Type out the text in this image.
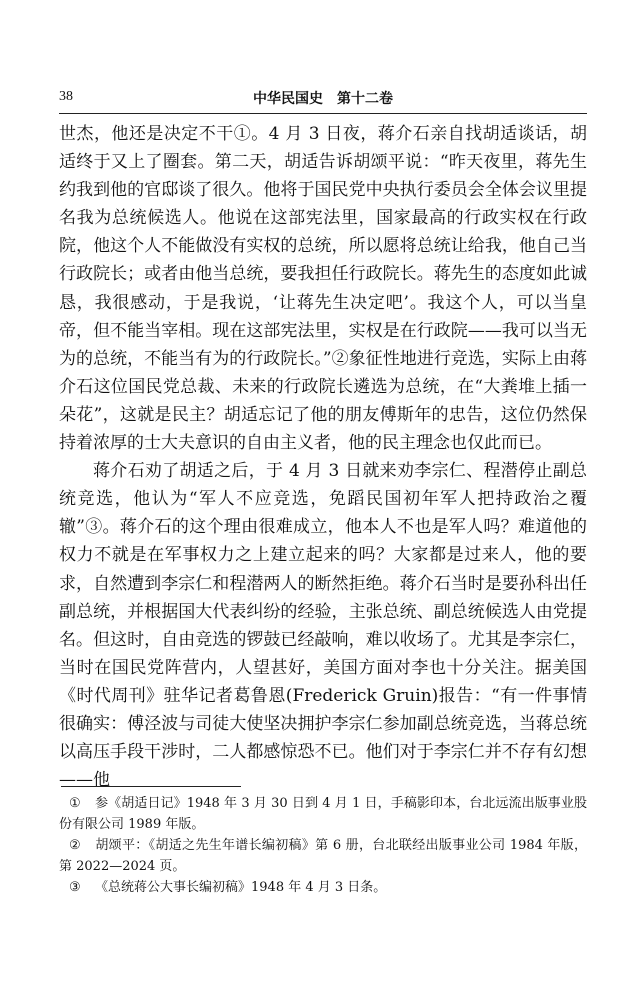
38	中华民国史　第十二卷

世杰，他还是决定不干①。4 月 3 日夜，蒋介石亲自找胡适谈话，胡适终于又上了圈套。第二天，胡适告诉胡颂平说：“昨天夜里，蒋先生约我到他的官邸谈了很久。他将于国民党中央执行委员会全体会议里提名我为总统候选人。他说在这部宪法里，国家最高的行政实权在行政院，他这个人不能做没有实权的总统，所以愿将总统让给我，他自己当行政院长；或者由他当总统，要我担任行政院长。蒋先生的态度如此诚恳，我很感动，于是我说，‘让蒋先生决定吧’。我这个人，可以当皇帝，但不能当宰相。现在这部宪法里，实权是在行政院——我可以当无为的总统，不能当有为的行政院长。”②象征性地进行竞选，实际上由蒋介石这位国民党总裁、未来的行政院长遴选为总统，在“大粪堆上插一朵花”，这就是民主？胡适忘记了他的朋友傅斯年的忠告，这位仍然保持着浓厚的士大夫意识的自由主义者，他的民主理念也仅此而已。

蒋介石劝了胡适之后，于 4 月 3 日就来劝李宗仁、程潜停止副总统竞选，他认为“军人不应竞选，免蹈民国初年军人把持政治之覆辙”③。蒋介石的这个理由很难成立，他本人不也是军人吗？难道他的权力不就是在军事权力之上建立起来的吗？大家都是过来人，他的要求，自然遭到李宗仁和程潜两人的断然拒绝。蒋介石当时是要孙科出任副总统，并根据国大代表纠纷的经验，主张总统、副总统候选人由党提名。但这时，自由竞选的锣鼓已经敲响，难以收场了。尤其是李宗仁，当时在国民党阵营内，人望甚好，美国方面对李也十分关注。据美国《时代周刊》驻华记者葛鲁恩(Frederick Gruin)报告：“有一件事情很确实：傅泾波与司徒大使坚决拥护李宗仁参加副总统竞选，当蒋总统以高压手段干涉时，二人都感惊恐不已。他们对于李宗仁并不存有幻想——他

① 参《胡适日记》1948 年 3 月 30 日到 4 月 1 日，手稿影印本，台北远流出版事业股份有限公司 1989 年版。

② 胡颂平：《胡适之先生年谱长编初稿》第 6 册，台北联经出版事业公司 1984 年版，第 2022—2024 页。

③ 《总统蒋公大事长编初稿》1948 年 4 月 3 日条。
